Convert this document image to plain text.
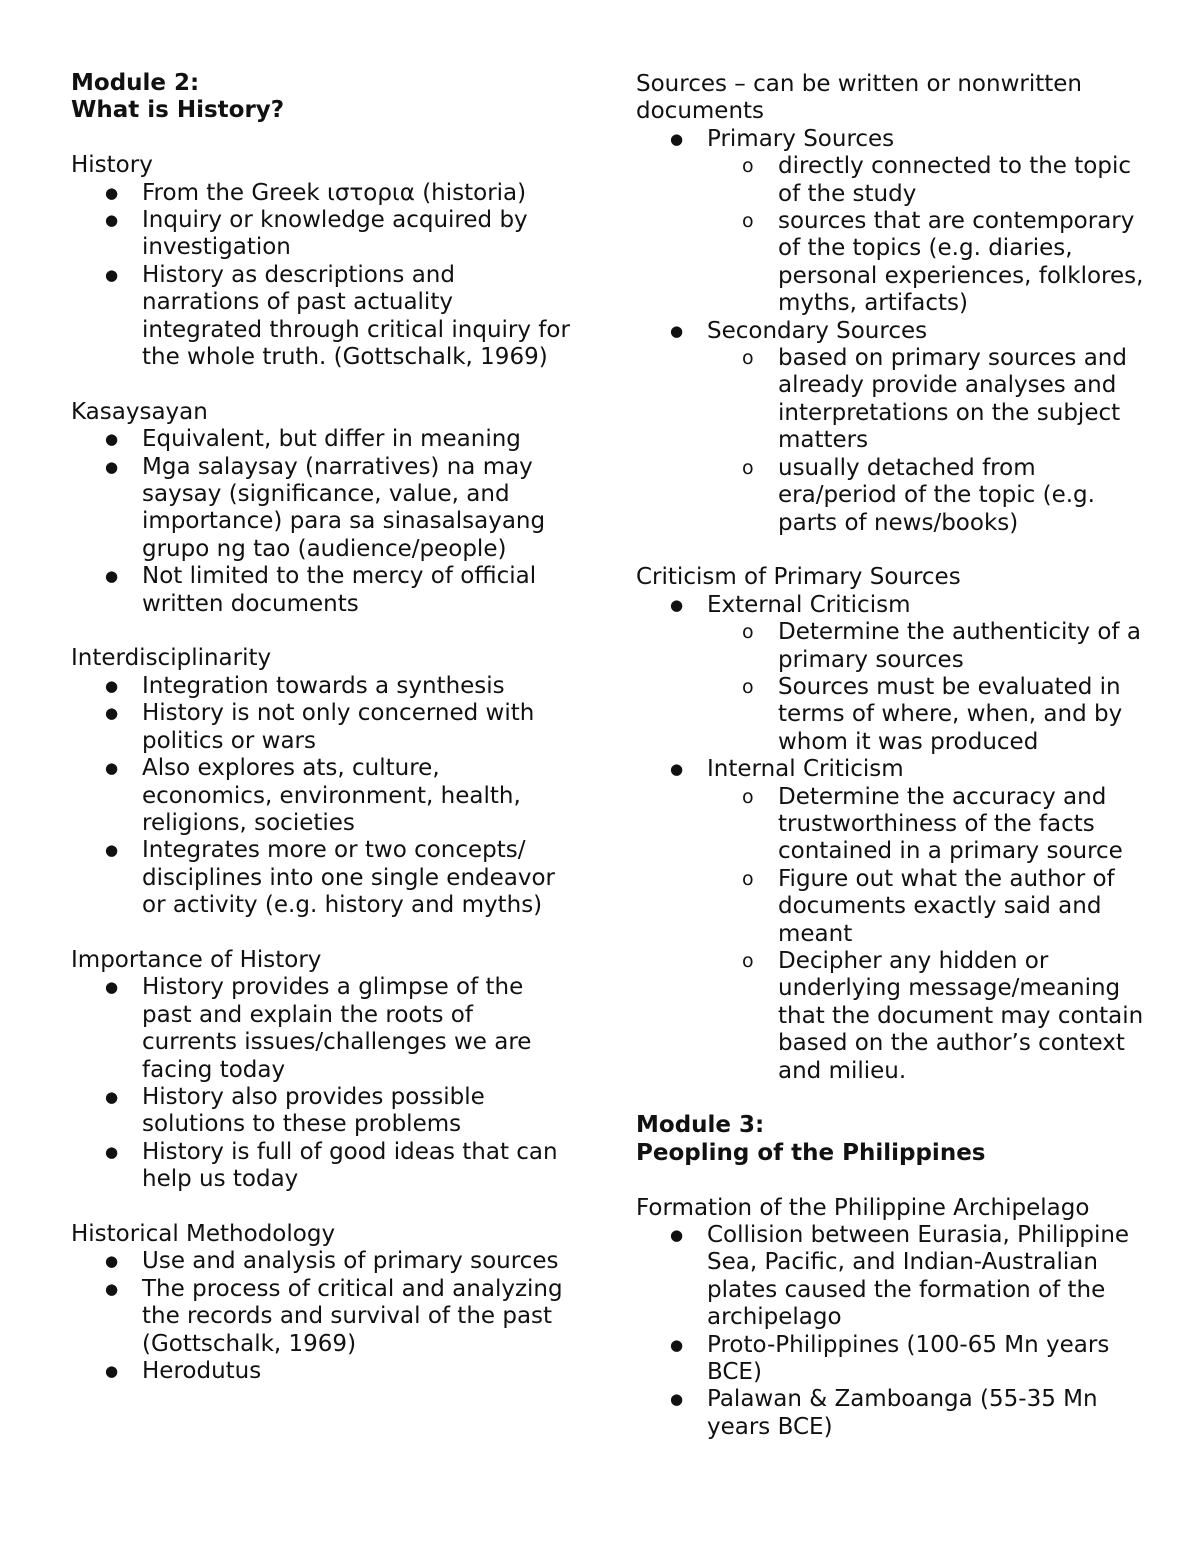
Module 2:

What is History?

History

● From the Greek ιστορια (historia)
● Inquiry or knowledge acquired by investigation
● History as descriptions and narrations of past actuality integrated through critical inquiry for the whole truth. (Gottschalk, 1969)

Kasaysayan

● Equivalent, but differ in meaning
● Mga salaysay (narratives) na may saysay (significance, value, and importance) para sa sinasalsayang grupo ng tao (audience/people)
● Not limited to the mercy of official written documents

Interdisciplinarity

● Integration towards a synthesis
● History is not only concerned with politics or wars
● Also explores ats, culture, economics, environment, health, religions, societies
● Integrates more or two concepts/ disciplines into one single endeavor or activity (e.g. history and myths)

Importance of History

● History provides a glimpse of the past and explain the roots of currents issues/challenges we are facing today
● History also provides possible solutions to these problems
● History is full of good ideas that can help us today

Historical Methodology

● Use and analysis of primary sources
● The process of critical and analyzing the records and survival of the past (Gottschalk, 1969)
● Herodutus

Sources – can be written or nonwritten documents

● Primary Sources
o directly connected to the topic of the study
o sources that are contemporary of the topics (e.g. diaries, personal experiences, folklores, myths, artifacts)
● Secondary Sources
o based on primary sources and already provide analyses and interpretations on the subject matters
o usually detached from era/period of the topic (e.g. parts of news/books)

Criticism of Primary Sources

● External Criticism
o Determine the authenticity of a primary sources
o Sources must be evaluated in terms of where, when, and by whom it was produced
● Internal Criticism
o Determine the accuracy and trustworthiness of the facts contained in a primary source
o Figure out what the author of documents exactly said and meant
o Decipher any hidden or underlying message/meaning that the document may contain based on the author’s context and milieu.

Module 3:

Peopling of the Philippines

Formation of the Philippine Archipelago

● Collision between Eurasia, Philippine Sea, Pacific, and Indian-Australian plates caused the formation of the archipelago
● Proto-Philippines (100-65 Mn years BCE)
● Palawan & Zamboanga (55-35 Mn years BCE)
